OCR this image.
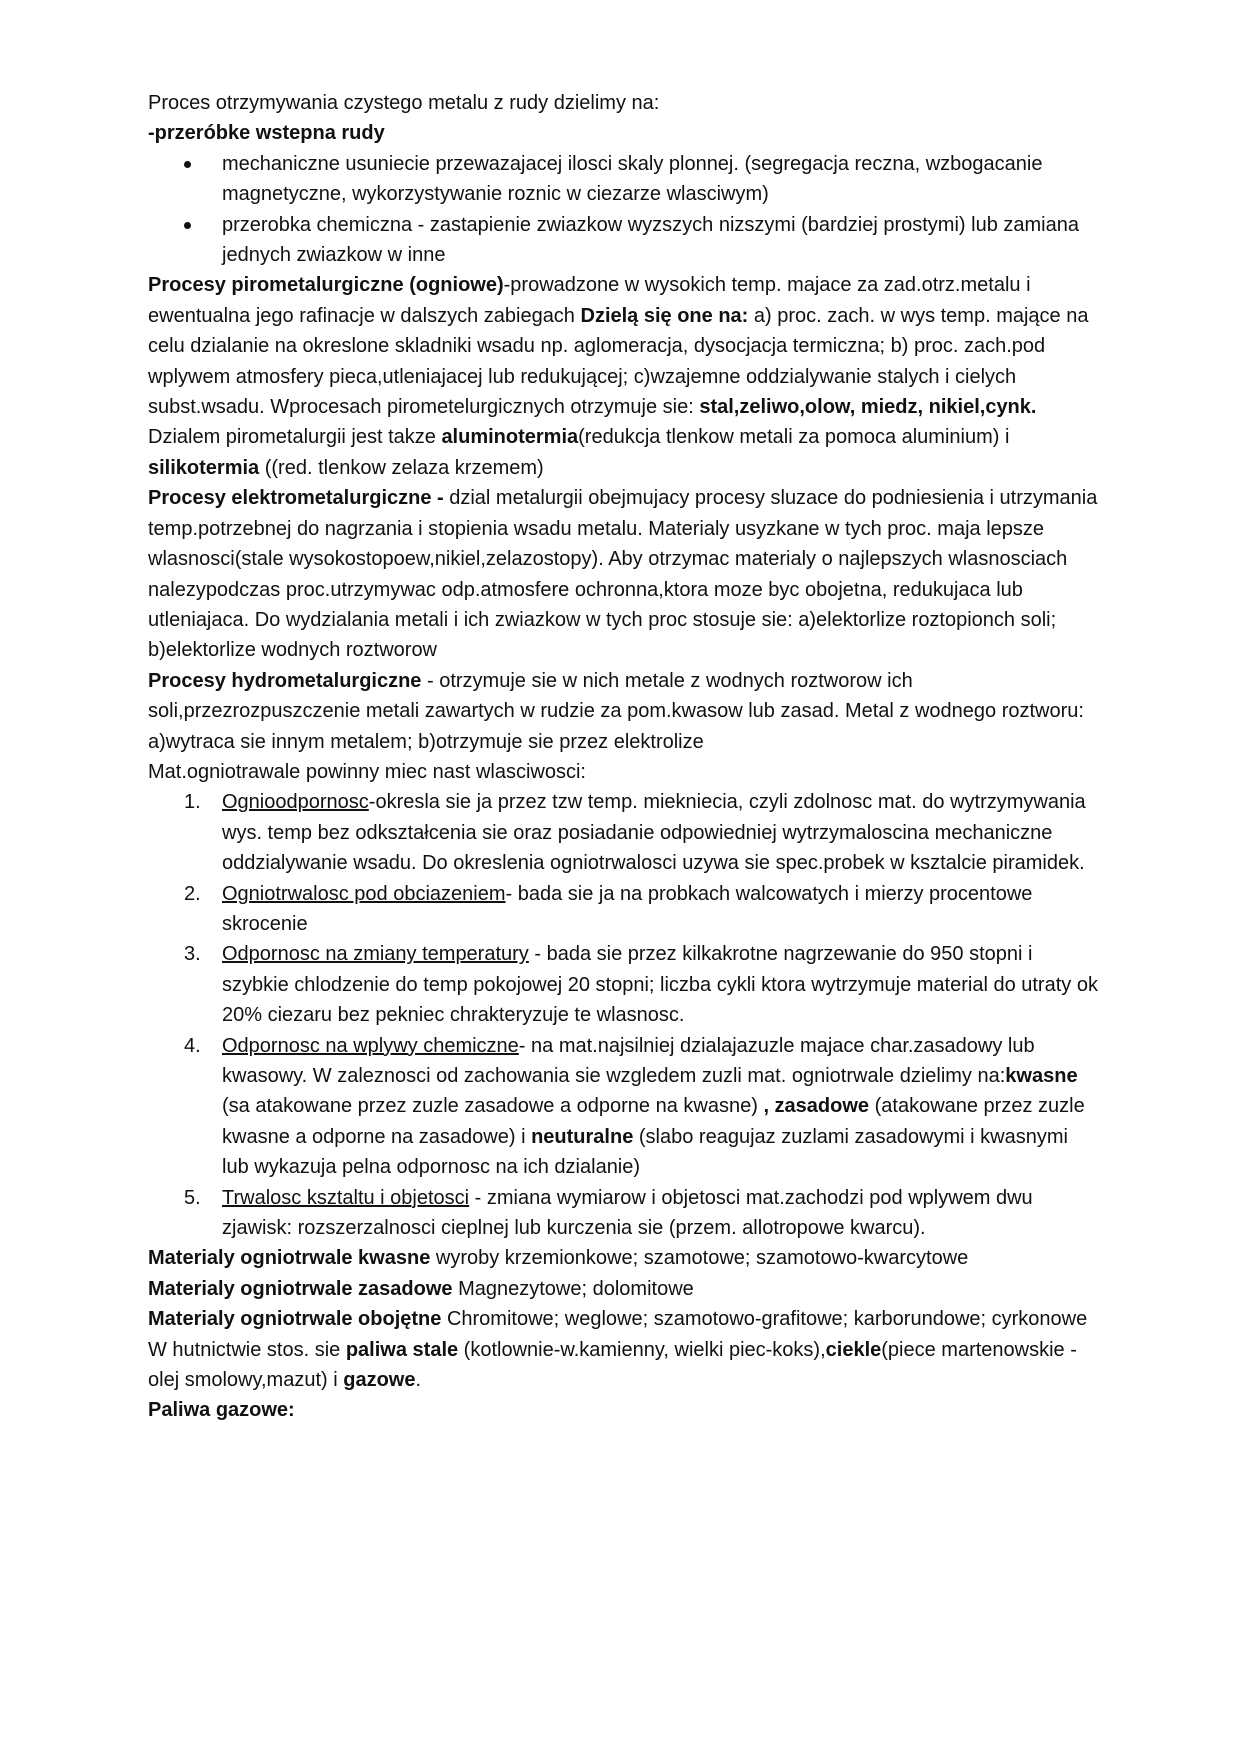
Proces otrzymywania czystego metalu z rudy dzielimy na:

-przeróbke wstepna rudy

mechaniczne usuniecie przewazajacej ilosci skaly plonnej. (segregacja reczna, wzbogacanie magnetyczne, wykorzystywanie roznic w ciezarze wlasciwym)
przerobka chemiczna - zastapienie zwiazkow wyzszych nizszymi (bardziej prostymi) lub zamiana jednych zwiazkow w inne

Procesy pirometalurgiczne (ogniowe)-prowadzone w wysokich temp. majace za zad.otrz.metalu i ewentualna jego rafinacje w dalszych zabiegach Dzielą się one na: a) proc. zach. w wys temp. mające na celu dzialanie na okreslone skladniki wsadu np. aglomeracja, dysocjacja termiczna; b) proc. zach.pod wplywem atmosfery pieca,utleniajacej lub redukującej; c)wzajemne oddzialywanie stalych i cielych subst.wsadu. Wprocesach pirometelurgicznych otrzymuje sie: stal,zeliwo,olow, miedz, nikiel,cynk. Dzialem pirometalurgii jest takze aluminotermia(redukcja tlenkow metali za pomoca aluminium) i silikotermia ((red. tlenkow zelaza krzemem)

Procesy elektrometalurgiczne - dzial metalurgii obejmujacy procesy sluzace do podniesienia i utrzymania temp.potrzebnej do nagrzania i stopienia wsadu metalu. Materialy usyzkane w tych proc. maja lepsze wlasnosci(stale wysokostopoew,nikiel,zelazostopy). Aby otrzymac materialy o najlepszych wlasnosciach nalezypodczas proc.utrzymywac odp.atmosfere ochronna,ktora moze byc obojetna, redukujaca lub utleniajaca. Do wydzialania metali i ich zwiazkow w tych proc stosuje sie: a)elektorlize roztopionch soli; b)elektorlize wodnych roztworow

Procesy hydrometalurgiczne - otrzymuje sie w nich metale z wodnych roztworow ich soli,przezrozpuszczenie metali zawartych w rudzie za pom.kwasow lub zasad. Metal z wodnego roztworu: a)wytraca sie innym metalem; b)otrzymuje sie przez elektrolize

Mat.ogniotrawale powinny miec nast wlasciwosci:

1. Ognioodpornosc-okresla sie ja przez tzw temp. miekniecia, czyli zdolnosc mat. do wytrzymywania wys. temp bez odkształcenia sie oraz posiadanie odpowiedniej wytrzymaloscina mechaniczne oddzialywanie wsadu. Do okreslenia ogniotrwalosci uzywa sie spec.probek w ksztalcie piramidek.
2. Ogniotrwalosc pod obciazeniem- bada sie ja na probkach walcowatych i mierzy procentowe skrocenie
3. Odpornosc na zmiany temperatury - bada sie przez kilkakrotne nagrzewanie do 950 stopni i szybkie chlodzenie do temp pokojowej 20 stopni; liczba cykli ktora wytrzymuje material do utraty ok 20% ciezaru bez pekniec chrakteryzuje te wlasnosc.
4. Odpornosc na wplywy chemiczne- na mat.najsilniej dzialajazuzle majace char.zasadowy lub kwasowy. W zaleznosci od zachowania sie wzgledem zuzli mat. ogniotrwale dzielimy na:kwasne (sa atakowane przez zuzle zasadowe a odporne na kwasne) , zasadowe (atakowane przez zuzle kwasne a odporne na zasadowe) i neuturalne (slabo reagujaz zuzlami zasadowymi i kwasnymi lub wykazuja pelna odpornosc na ich dzialanie)
5. Trwalosc ksztaltu i objetosci - zmiana wymiarow i objetosci mat.zachodzi pod wplywem dwu zjawisk: rozszerzalnosci cieplnej lub kurczenia sie (przem. allotropowe kwarcu).

Materialy ogniotrwale kwasne wyroby krzemionkowe; szamotowe; szamotowo-kwarcytowe

Materialy ogniotrwale zasadowe Magnezytowe; dolomitowe

Materialy ogniotrwale obojętne Chromitowe; weglowe; szamotowo-grafitowe; karborundowe; cyrkonowe

W hutnictwie stos. sie paliwa stale (kotlownie-w.kamienny, wielki piec-koks),ciekle(piece martenowskie -olej smolowy,mazut) i gazowe.

Paliwa gazowe:
